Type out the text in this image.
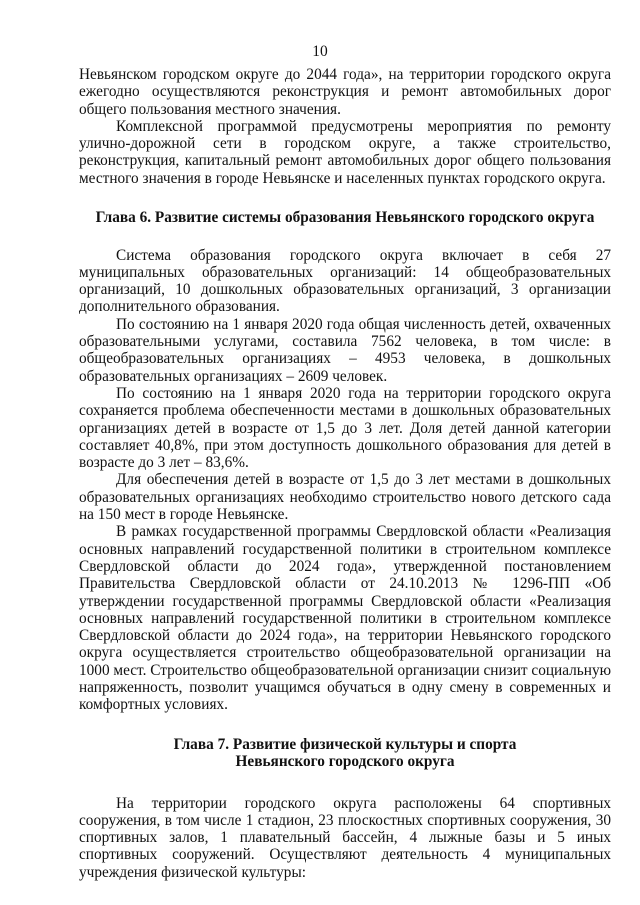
10

Невьянском городском округе до 2044 года», на территории городского округа ежегодно осуществляются реконструкция и ремонт автомобильных дорог общего пользования местного значения.

Комплексной программой предусмотрены мероприятия по ремонту улично-дорожной сети в городском округе, а также строительство, реконструкция, капитальный ремонт автомобильных дорог общего пользования местного значения в городе Невьянске и населенных пунктах городского округа.

Глава 6. Развитие системы образования Невьянского городского округа

Система образования городского округа включает в себя 27 муниципальных образовательных организаций: 14 общеобразовательных организаций, 10 дошкольных образовательных организаций, 3 организации дополнительного образования.

По состоянию на 1 января 2020 года общая численность детей, охваченных образовательными услугами, составила 7562 человека, в том числе: в общеобразовательных организациях – 4953 человека, в дошкольных образовательных организациях – 2609 человек.

По состоянию на 1 января 2020 года на территории городского округа сохраняется проблема обеспеченности местами в дошкольных образовательных организациях детей в возрасте от 1,5 до 3 лет. Доля детей данной категории составляет 40,8%, при этом доступность дошкольного образования для детей в возрасте до 3 лет – 83,6%.

Для обеспечения детей в возрасте от 1,5 до 3 лет местами в дошкольных образовательных организациях необходимо строительство нового детского сада на 150 мест в городе Невьянске.

В рамках государственной программы Свердловской области «Реализация основных направлений государственной политики в строительном комплексе Свердловской области до 2024 года», утвержденной постановлением Правительства Свердловской области от 24.10.2013 № 1296-ПП «Об утверждении государственной программы Свердловской области «Реализация основных направлений государственной политики в строительном комплексе Свердловской области до 2024 года», на территории Невьянского городского округа осуществляется строительство общеобразовательной организации на 1000 мест. Строительство общеобразовательной организации снизит социальную напряженность, позволит учащимся обучаться в одну смену в современных и комфортных условиях.

Глава 7. Развитие физической культуры и спорта
Невьянского городского округа

На территории городского округа расположены 64 спортивных сооружения, в том числе 1 стадион, 23 плоскостных спортивных сооружения, 30 спортивных залов, 1 плавательный бассейн, 4 лыжные базы и 5 иных спортивных сооружений. Осуществляют деятельность 4 муниципальных учреждения физической культуры:
